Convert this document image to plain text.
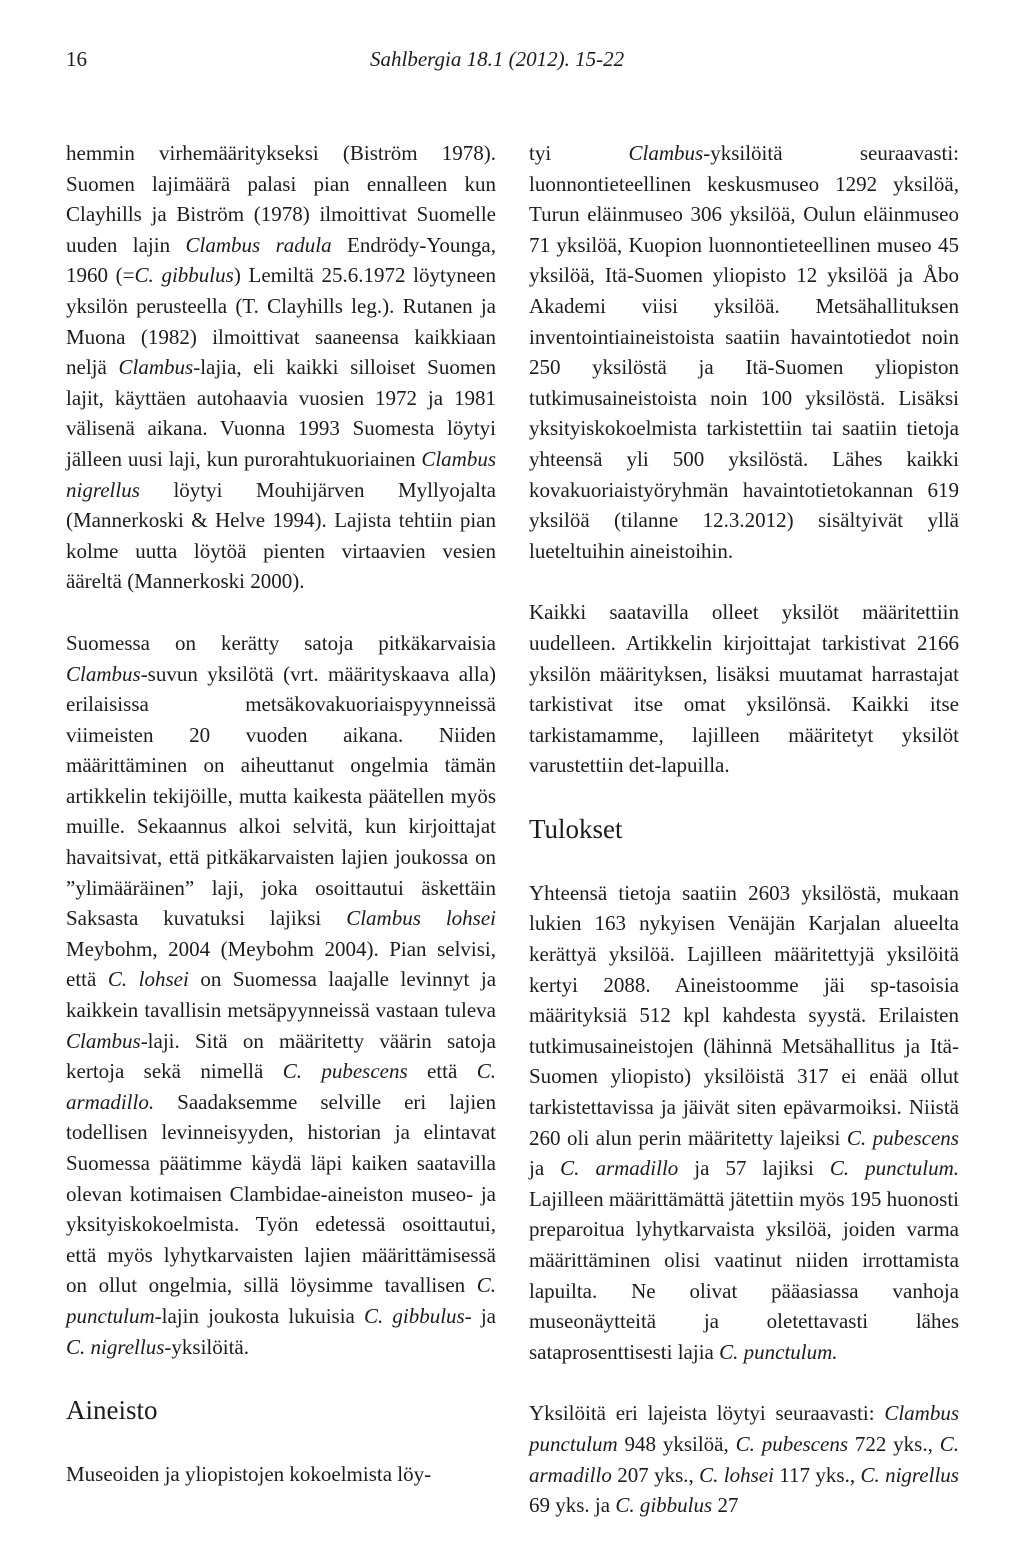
16	Sahlbergia 18.1 (2012). 15-22

hemmin virhemääritykseksi (Biström 1978). Suomen lajimäärä palasi pian ennalleen kun Clayhills ja Biström (1978) ilmoittivat Suomelle uuden lajin Clambus radula Endrödy-Younga, 1960 (=C. gibbulus) Lemiltä 25.6.1972 löytyneen yksilön perusteella (T. Clayhills leg.). Rutanen ja Muona (1982) ilmoittivat saaneensa kaikkiaan neljä Clambus-lajia, eli kaikki silloiset Suomen lajit, käyttäen autohaavia vuosien 1972 ja 1981 välisenä aikana. Vuonna 1993 Suomesta löytyi jälleen uusi laji, kun purorahtukuoriainen Clambus nigrellus löytyi Mouhijärven Myllyojalta (Mannerkoski & Helve 1994). Lajista tehtiin pian kolme uutta löytöä pienten virtaavien vesien ääreltä (Mannerkoski 2000).

Suomessa on kerätty satoja pitkäkarvaisia Clambus-suvun yksilötä (vrt. määrityskaava alla) erilaisissa metsäkovakuoriaispyynneissä viimeisten 20 vuoden aikana. Niiden määrittäminen on aiheuttanut ongelmia tämän artikkelin tekijöille, mutta kaikesta päätellen myös muille. Sekaannus alkoi selvitä, kun kirjoittajat havaitsivat, että pitkäkarvaisten lajien joukossa on ”ylimääräinen” laji, joka osoittautui äskettäin Saksasta kuvatuksi lajiksi Clambus lohsei Meybohm, 2004 (Meybohm 2004). Pian selvisi, että C. lohsei on Suomessa laajalle levinnyt ja kaikkein tavallisin metsäpyynneissä vastaan tuleva Clambus-laji. Sitä on määritetty väärin satoja kertoja sekä nimellä C. pubescens että C. armadillo. Saadaksemme selville eri lajien todellisen levinneisyyden, historian ja elintavat Suomessa päätimme käydä läpi kaiken saatavilla olevan kotimaisen Clambidae-aineiston museo- ja yksityiskokoelmista. Työn edetessä osoittautui, että myös lyhytkarvaisten lajien määrittämisessä on ollut ongelmia, sillä löysimme tavallisen C. punctulum-lajin joukosta lukuisia C. gibbulus- ja C. nigrellus-yksilöitä.

Aineisto

Museoiden ja yliopistojen kokoelmista löy-

tyi Clambus-yksilöitä seuraavasti: luonnontieteellinen keskusmuseo 1292 yksilöä, Turun eläinmuseo 306 yksilöä, Oulun eläinmuseo 71 yksilöä, Kuopion luonnontieteellinen museo 45 yksilöä, Itä-Suomen yliopisto 12 yksilöä ja Åbo Akademi viisi yksilöä. Metsähallituksen inventointiaineistoista saatiin havaintotiedot noin 250 yksilöstä ja Itä-Suomen yliopiston tutkimusaineistoista noin 100 yksilöstä. Lisäksi yksityiskokoelmista tarkistettiin tai saatiin tietoja yhteensä yli 500 yksilöstä. Lähes kaikki kovakuoriaistyöryhmän havaintotietokannan 619 yksilöä (tilanne 12.3.2012) sisältyivät yllä lueteltuihin aineistoihin.

Kaikki saatavilla olleet yksilöt määritettiin uudelleen. Artikkelin kirjoittajat tarkistivat 2166 yksilön määrityksen, lisäksi muutamat harrastajat tarkistivat itse omat yksilönsä. Kaikki itse tarkistamamme, lajilleen määritetyt yksilöt varustettiin det-lapuilla.

Tulokset

Yhteensä tietoja saatiin 2603 yksilöstä, mukaan lukien 163 nykyisen Venäjän Karjalan alueelta kerättyä yksilöä. Lajilleen määritettyjä yksilöitä kertyi 2088. Aineistoomme jäi sp-tasoisia määrityksiä 512 kpl kahdesta syystä. Erilaisten tutkimusaineistojen (lähinnä Metsähallitus ja Itä-Suomen yliopisto) yksilöistä 317 ei enää ollut tarkistettavissa ja jäivät siten epävarmoiksi. Niistä 260 oli alun perin määritetty lajeiksi C. pubescens ja C. armadillo ja 57 lajiksi C. punctulum. Lajilleen määrittämättä jätettiin myös 195 huonosti preparoitua lyhytkarvaista yksilöä, joiden varma määrittäminen olisi vaatinut niiden irrottamista lapuilta. Ne olivat pääasiassa vanhoja museonäytteitä ja oletettavasti lähes sataprosenttisesti lajia C. punctulum.

Yksilöitä eri lajeista löytyi seuraavasti: Clambus punctulum 948 yksilöä, C. pubescens 722 yks., C. armadillo 207 yks., C. lohsei 117 yks., C. nigrellus 69 yks. ja C. gibbulus 27
